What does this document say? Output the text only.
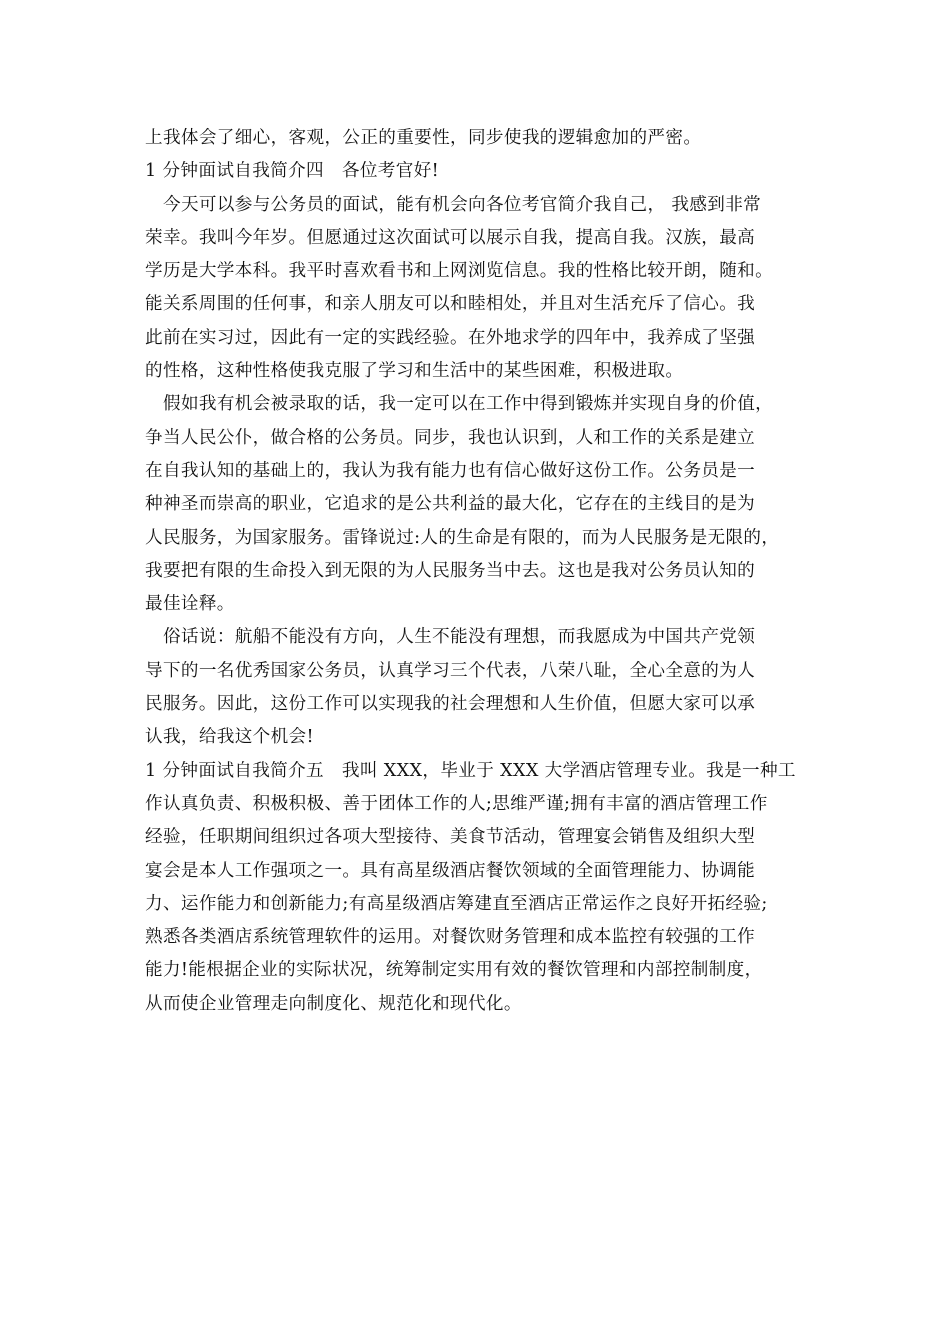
上我体会了细心，客观，公正的重要性，同步使我的逻辑愈加的严密。
1 分钟面试自我简介四　各位考官好!
今天可以参与公务员的面试，能有机会向各位考官简介我自己， 我感到非常
荣幸。我叫今年岁。但愿通过这次面试可以展示自我，提高自我。汉族，最高
学历是大学本科。我平时喜欢看书和上网浏览信息。我的性格比较开朗，随和。
能关系周围的任何事，和亲人朋友可以和睦相处，并且对生活充斥了信心。我
此前在实习过，因此有一定的实践经验。在外地求学的四年中，我养成了坚强
的性格，这种性格使我克服了学习和生活中的某些困难，积极进取。
假如我有机会被录取的话，我一定可以在工作中得到锻炼并实现自身的价值，
争当人民公仆，做合格的公务员。同步，我也认识到，人和工作的关系是建立
在自我认知的基础上的，我认为我有能力也有信心做好这份工作。公务员是一
种神圣而崇高的职业，它追求的是公共利益的最大化，它存在的主线目的是为
人民服务，为国家服务。雷锋说过:人的生命是有限的，而为人民服务是无限的，
我要把有限的生命投入到无限的为人民服务当中去。这也是我对公务员认知的
最佳诠释。
俗话说：航船不能没有方向，人生不能没有理想，而我愿成为中国共产党领
导下的一名优秀国家公务员，认真学习三个代表，八荣八耻，全心全意的为人
民服务。因此，这份工作可以实现我的社会理想和人生价值，但愿大家可以承
认我，给我这个机会!
1 分钟面试自我简介五　我叫 XXX，毕业于 XXX 大学酒店管理专业。我是一种工
作认真负责、积极积极、善于团体工作的人;思维严谨;拥有丰富的酒店管理工作
经验，任职期间组织过各项大型接待、美食节活动，管理宴会销售及组织大型
宴会是本人工作强项之一。具有高星级酒店餐饮领域的全面管理能力、协调能
力、运作能力和创新能力;有高星级酒店筹建直至酒店正常运作之良好开拓经验;
熟悉各类酒店系统管理软件的运用。对餐饮财务管理和成本监控有较强的工作
能力!能根据企业的实际状况，统筹制定实用有效的餐饮管理和内部控制制度，
从而使企业管理走向制度化、规范化和现代化。
